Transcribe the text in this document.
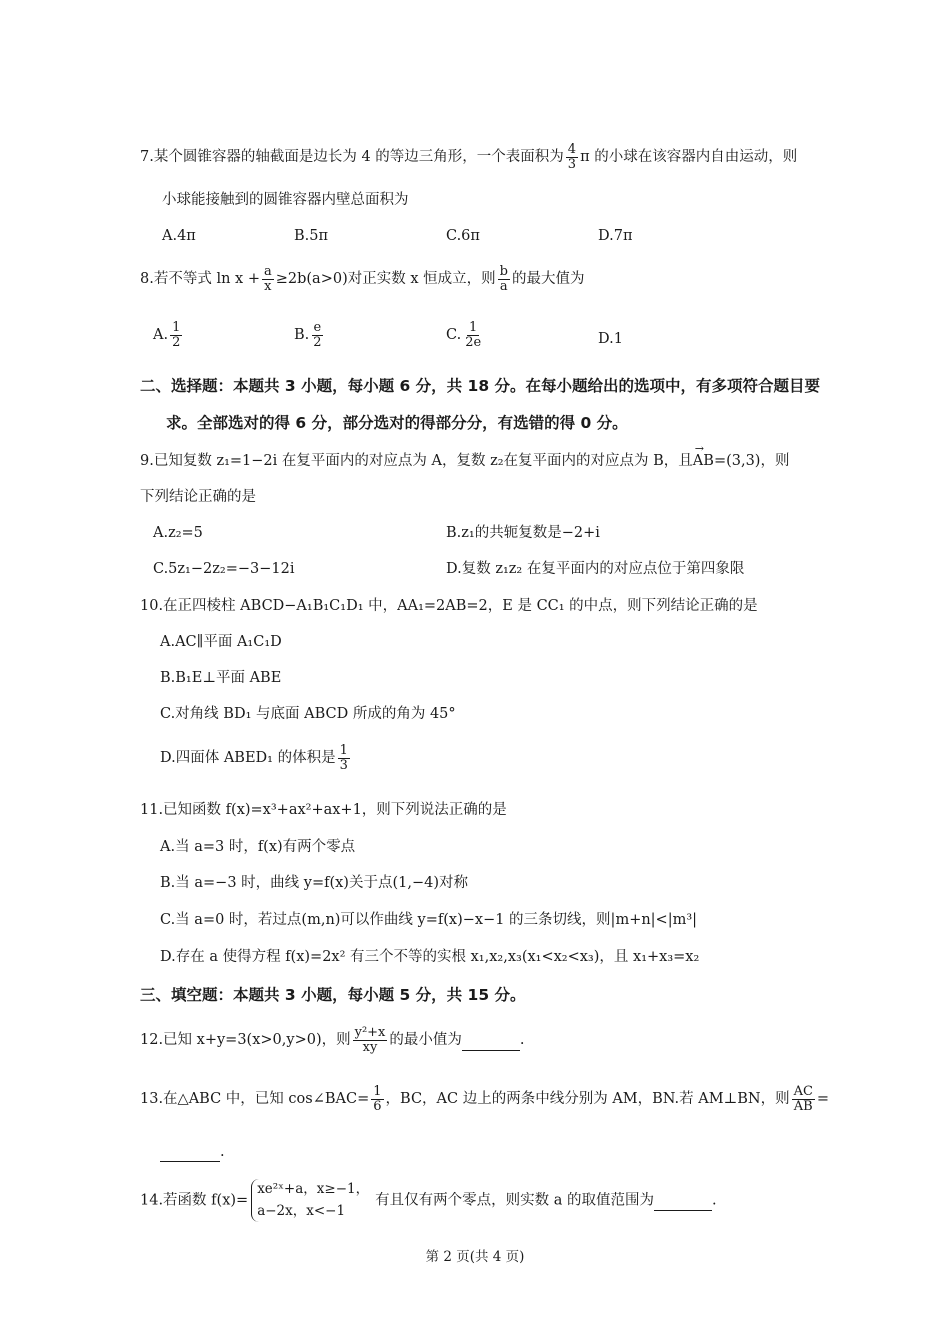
7.某个圆锥容器的轴截面是边长为 4 的等边三角形，一个表面积为 $\frac{4}{3}$ π 的小球在该容器内自由运动，则
小球能接触到的圆锥容器内壁总面积为
A.4π	B.5π	C.6π	D.7π
8.若不等式 $\ln x + \frac{a}{x} \ge 2b(a>0)$对正实数 x 恒成立，则 $\frac{b}{a}$ 的最大值为
A. $\frac{1}{2}$	B. $\frac{e}{2}$	C. $\frac{1}{2e}$	D.1
二、选择题：本题共 3 小题，每小题 6 分，共 18 分。在每小题给出的选项中，有多项符合题目要
求。全部选对的得 6 分，部分选对的得部分分，有选错的得 0 分。
9.已知复数 z₁=1−2i 在复平面内的对应点为 A，复数 z₂在复平面内的对应点为 B，且→ AB=(3,3)，则
下列结论正确的是
A.z₂=5	B.z₁的共轭复数是−2+i
C.5z₁−2z₂=−3−12i	D.复数 z₁z₂ 在复平面内的对应点位于第四象限
10.在正四棱柱 ABCD−A₁B₁C₁D₁ 中，AA₁=2AB=2，E 是 CC₁ 的中点，则下列结论正确的是
A.AC∥平面 A₁C₁D
B.B₁E⊥平面 ABE
C.对角线 BD₁ 与底面 ABCD 所成的角为 45°
D.四面体 ABED₁ 的体积是 $\frac{1}{3}$
11.已知函数 f(x)=x³+ax²+ax+1，则下列说法正确的是
A.当 a=3 时，f(x)有两个零点
B.当 a=−3 时，曲线 y=f(x)关于点(1,−4)对称
C.当 a=0 时，若过点(m,n)可以作曲线 y=f(x)−x−1 的三条切线，则|m+n|<|m³|
D.存在 a 使得方程 f(x)=2x² 有三个不等的实根 x₁,x₂,x₃(x₁<x₂<x₃)，且 x₁+x₃=x₂
三、填空题：本题共 3 小题，每小题 5 分，共 15 分。
12.已知 x+y=3(x>0,y>0)，则 $\frac{\text{y²+x}}{xy}$ 的最小值为	.
13.在△ABC 中，已知 cos∠BAC= $\frac{1}{6}$ ，BC，AC 边上的两条中线分别为 AM，BN.若 AM⊥BN，则 $\frac{AC}{AB}$ =
.
14.若函数 f(x)=
xe²ˣ+a，x≥−1，
a−2x，x<−1
有且仅有两个零点，则实数 a 的取值范围为	.
第 2 页(共 4 页)
